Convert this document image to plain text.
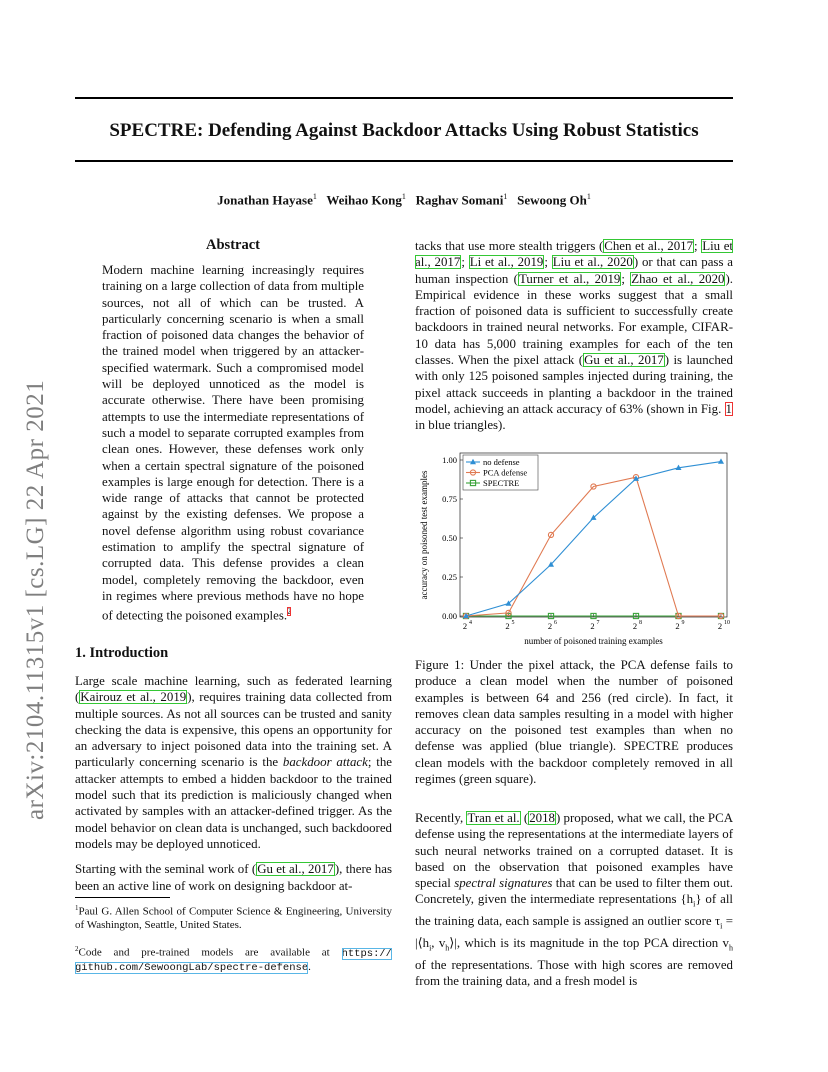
arXiv:2104.11315v1 [cs.LG] 22 Apr 2021
SPECTRE: Defending Against Backdoor Attacks Using Robust Statistics
Jonathan Hayase$^1$ Weihao Kong$^1$ Raghav Somani$^1$ Sewoong Oh$^1$
Abstract
Modern machine learning increasingly requires training on a large collection of data from multiple sources, not all of which can be trusted. A particularly concerning scenario is when a small fraction of poisoned data changes the behavior of the trained model when triggered by an attacker-specified watermark. Such a compromised model will be deployed unnoticed as the model is accurate otherwise. There have been promising attempts to use the intermediate representations of such a model to separate corrupted examples from clean ones. However, these defenses work only when a certain spectral signature of the poisoned examples is large enough for detection. There is a wide range of attacks that cannot be protected against by the existing defenses. We propose a novel defense algorithm using robust covariance estimation to amplify the spectral signature of corrupted data. This defense provides a clean model, completely removing the backdoor, even in regimes where previous methods have no hope of detecting the poisoned examples.$^2$
1. Introduction
Large scale machine learning, such as federated learning (Kairouz et al., 2019), requires training data collected from multiple sources. As not all sources can be trusted and sanity checking the data is expensive, this opens an opportunity for an adversary to inject poisoned data into the training set. A particularly concerning scenario is the backdoor attack; the attacker attempts to embed a hidden backdoor to the trained model such that its prediction is maliciously changed when activated by samples with an attacker-defined trigger. As the model behavior on clean data is unchanged, such backdoored models may be deployed unnoticed.
Starting with the seminal work of (Gu et al., 2017), there has been an active line of work on designing backdoor at-
$^1$Paul G. Allen School of Computer Science & Engineering, University of Washington, Seattle, United States.
$^2$Code and pre-trained models are available at https:// github.com/SewoongLab/spectre-defense.
tacks that use more stealth triggers (Chen et al., 2017; Liu et al., 2017; Li et al., 2019; Liu et al., 2020) or that can pass a human inspection (Turner et al., 2019; Zhao et al., 2020). Empirical evidence in these works suggest that a small fraction of poisoned data is sufficient to successfully create backdoors in trained neural networks. For example, CIFAR-10 data has 5,000 training examples for each of the ten classes. When the pixel attack (Gu et al., 2017) is launched with only 125 poisoned samples injected during training, the pixel attack succeeds in planting a backdoor in the trained model, achieving an attack accuracy of 63% (shown in Fig. 1 in blue triangles).
0.00
0.25
0.50
0.75
1.00
2 4	2 5	2 6	2 7	2 8	2 9	2 10
number of poisoned training examples
accuracy on poisoned test examples
no defense
PCA defense
SPECTRE
Figure 1: Under the pixel attack, the PCA defense fails to produce a clean model when the number of poisoned examples is between 64 and 256 (red circle). In fact, it removes clean data samples resulting in a model with higher accuracy on the poisoned test examples than when no defense was applied (blue triangle). SPECTRE produces clean models with the backdoor completely removed in all regimes (green square).
Recently, Tran et al. (2018) proposed, what we call, the PCA defense using the representations at the intermediate layers of such neural networks trained on a corrupted dataset. It is based on the observation that poisoned examples have special spectral signatures that can be used to filter them out. Concretely, given the intermediate representations $\{h_i\}$ of all the training data, each sample is assigned an outlier score $\tau_i$ = $|⟨h_i$, $v_h⟩|$, which is its magnitude in the top PCA direction $v_h$ of the representations. Those with high scores are removed from the training data, and a fresh model is
